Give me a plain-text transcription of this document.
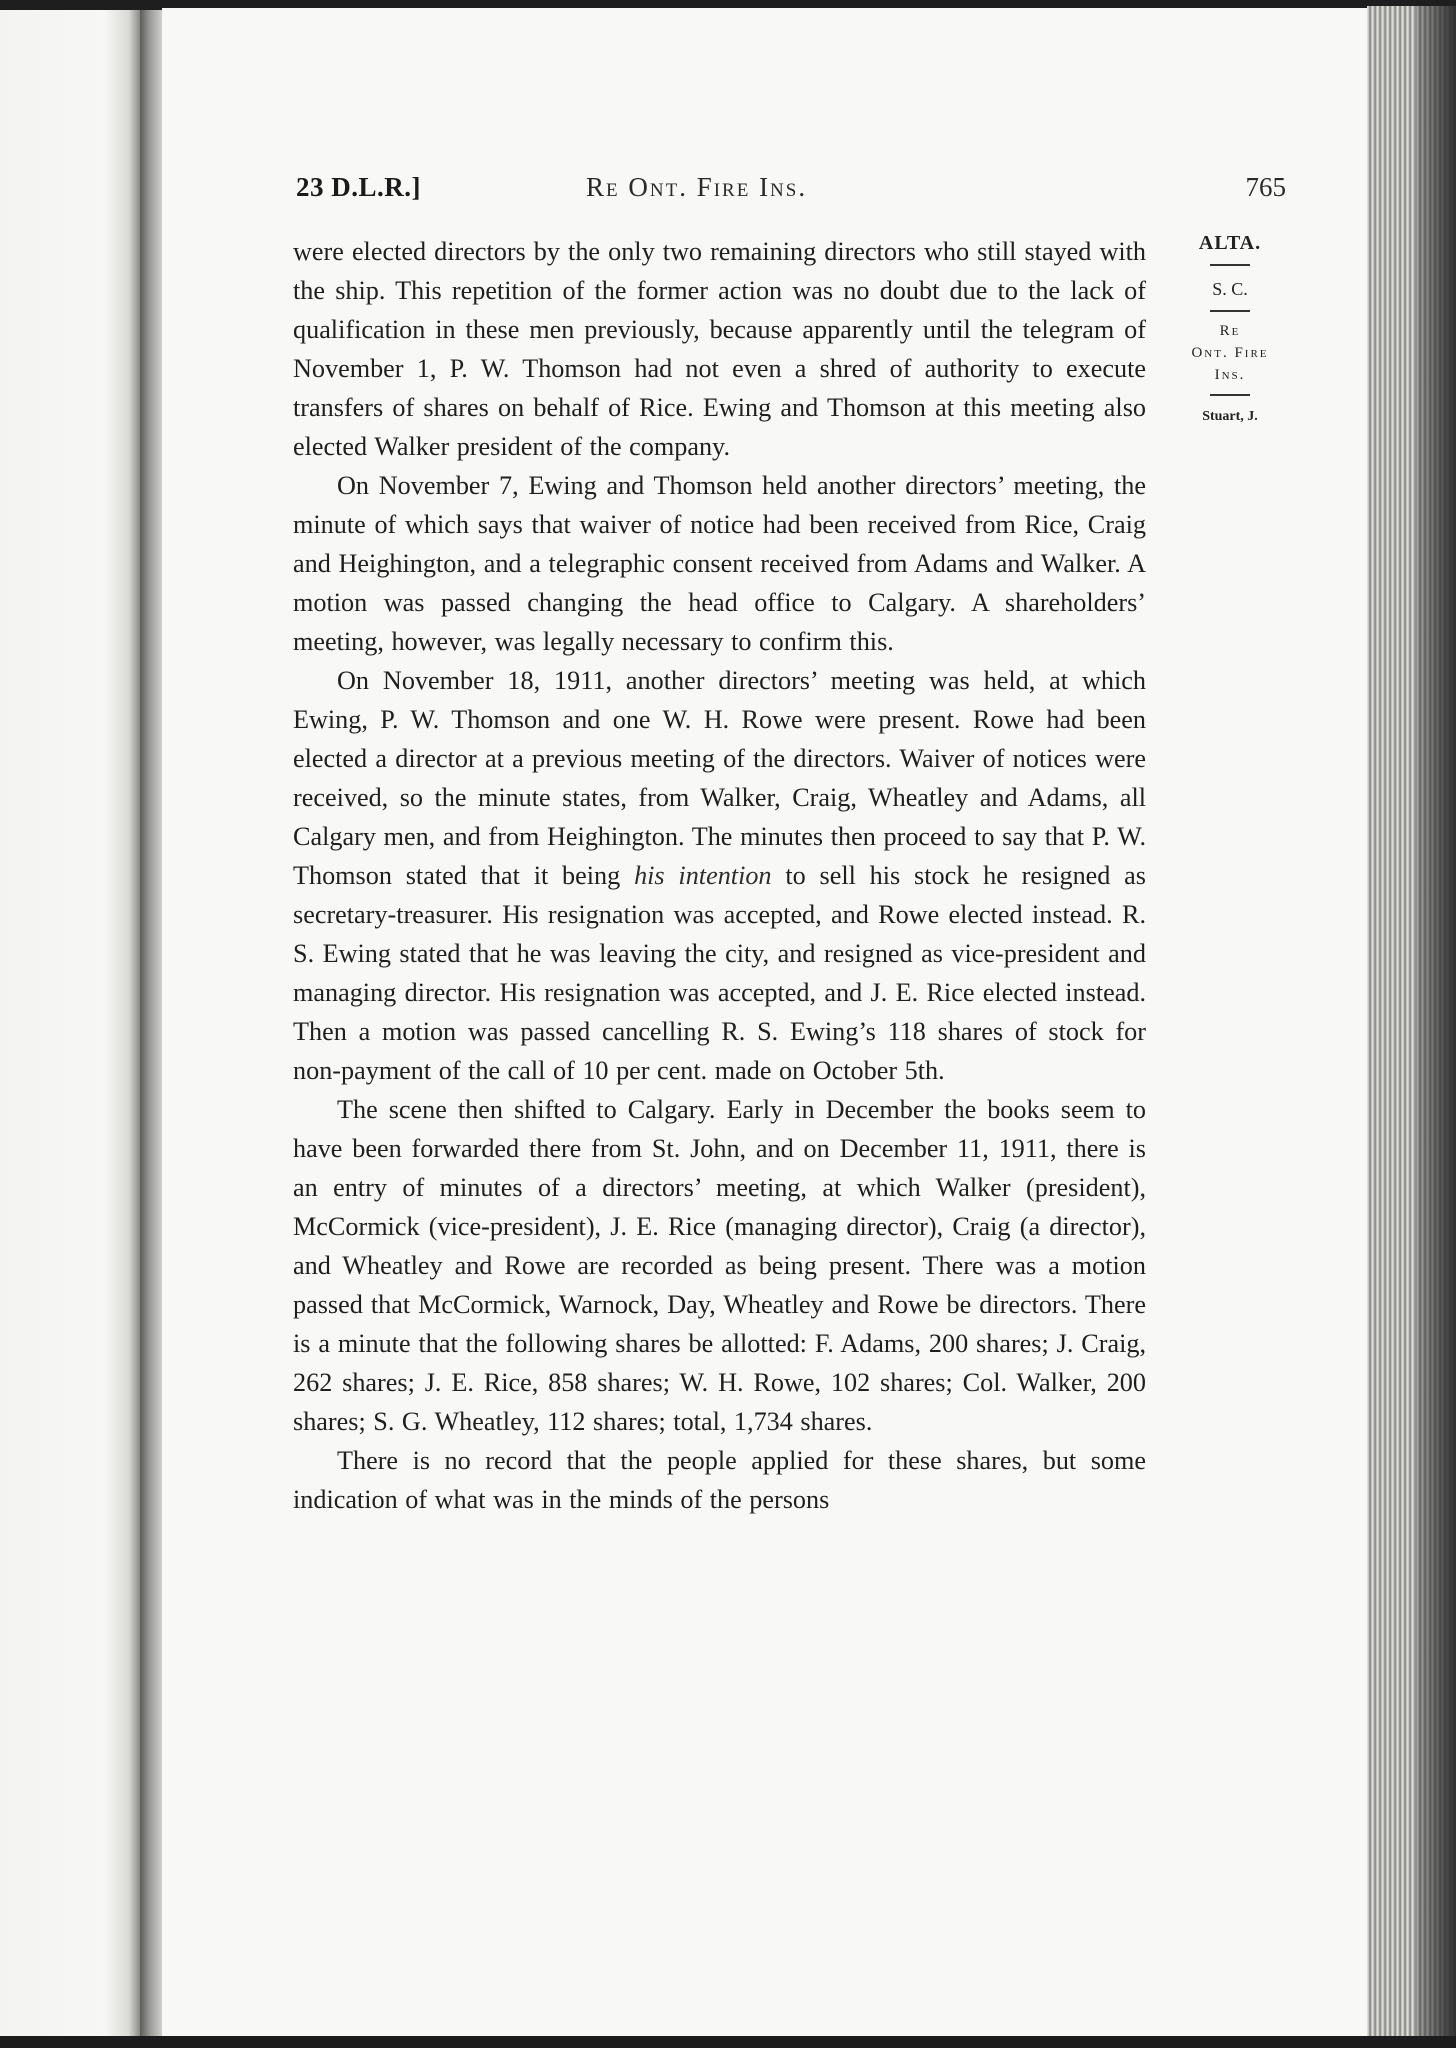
23 D.L.R.]	Re Ont. Fire Ins.	765
ALTA.
S. C.
Re
Ont. Fire
Ins.
Stuart, J.

were elected directors by the only two remaining directors who still stayed with the ship. This repetition of the former action was no doubt due to the lack of qualification in these men previously, because apparently until the telegram of November 1, P. W. Thomson had not even a shred of authority to execute transfers of shares on behalf of Rice. Ewing and Thomson at this meeting also elected Walker president of the company.

On November 7, Ewing and Thomson held another directors’ meeting, the minute of which says that waiver of notice had been received from Rice, Craig and Heighington, and a telegraphic consent received from Adams and Walker. A motion was passed changing the head office to Calgary. A shareholders’ meeting, however, was legally necessary to confirm this.

On November 18, 1911, another directors’ meeting was held, at which Ewing, P. W. Thomson and one W. H. Rowe were present. Rowe had been elected a director at a previous meeting of the directors. Waiver of notices were received, so the minute states, from Walker, Craig, Wheatley and Adams, all Calgary men, and from Heighington. The minutes then proceed to say that P. W. Thomson stated that it being his intention to sell his stock he resigned as secretary-treasurer. His resignation was accepted, and Rowe elected instead. R. S. Ewing stated that he was leaving the city, and resigned as vice-president and managing director. His resignation was accepted, and J. E. Rice elected instead. Then a motion was passed cancelling R. S. Ewing’s 118 shares of stock for non-payment of the call of 10 per cent. made on October 5th.

The scene then shifted to Calgary. Early in December the books seem to have been forwarded there from St. John, and on December 11, 1911, there is an entry of minutes of a directors’ meeting, at which Walker (president), McCormick (vice-president), J. E. Rice (managing director), Craig (a director), and Wheatley and Rowe are recorded as being present. There was a motion passed that McCormick, Warnock, Day, Wheatley and Rowe be directors. There is a minute that the following shares be allotted: F. Adams, 200 shares; J. Craig, 262 shares; J. E. Rice, 858 shares; W. H. Rowe, 102 shares; Col. Walker, 200 shares; S. G. Wheatley, 112 shares; total, 1,734 shares.

There is no record that the people applied for these shares, but some indication of what was in the minds of the persons
